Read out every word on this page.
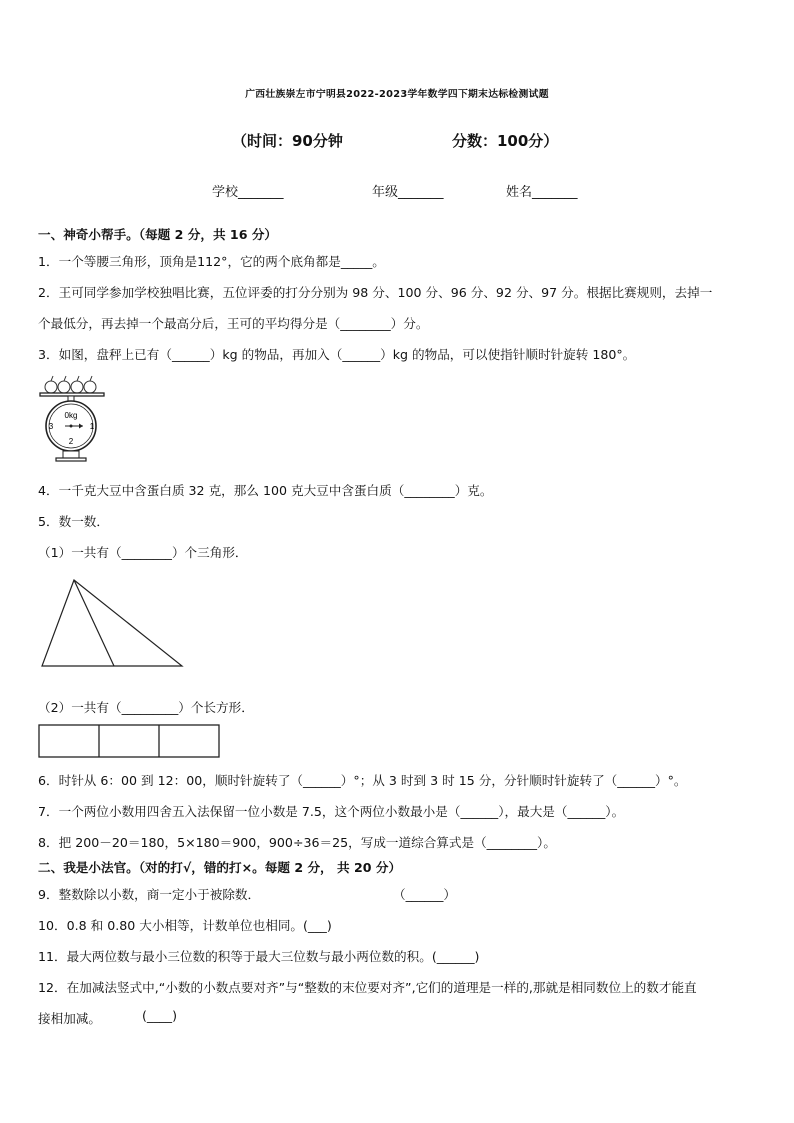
广西壮族崇左市宁明县2022-2023学年数学四下期末达标检测试题
（时间：90分钟	分数：100分）
学校_______	年级_______	姓名_______
一、神奇小帮手。（每题 2 分，共 16 分）
1．一个等腰三角形，顶角是112°，它的两个底角都是_____。
2．王可同学参加学校独唱比赛，五位评委的打分分别为 98 分、100 分、96 分、92 分、97 分。根据比赛规则，去掉一
个最低分，再去掉一个最高分后，王可的平均得分是（________）分。
3．如图，盘秤上已有（______）kg 的物品，再加入（______）kg 的物品，可以使指针顺时针旋转 180°。
0kg
3	1
2
4．一千克大豆中含蛋白质 32 克，那么 100 克大豆中含蛋白质（________）克。
5．数一数．
（1）一共有（________）个三角形．
（2）一共有（_________）个长方形．
6．时针从 6：00 到 12：00，顺时针旋转了（______）°；从 3 时到 3 时 15 分，分针顺时针旋转了（______）°。
7．一个两位小数用四舍五入法保留一位小数是 7.5，这个两位小数最小是（______），最大是（______）。
8．把 200－20＝180，5×180＝900，900÷36＝25，写成一道综合算式是（________）。
二、我是小法官。（对的打√，错的打×。每题 2 分， 共 20 分）
9．整数除以小数，商一定小于被除数．	（______）
10．0.8 和 0.80 大小相等，计数单位也相同。(___)
11．最大两位数与最小三位数的积等于最大三位数与最小两位数的积。(______)
12．在加减法竖式中,“小数的小数点要对齐”与“整数的末位要对齐”,它们的道理是一样的,那就是相同数位上的数才能直
接相加减。	(____)
